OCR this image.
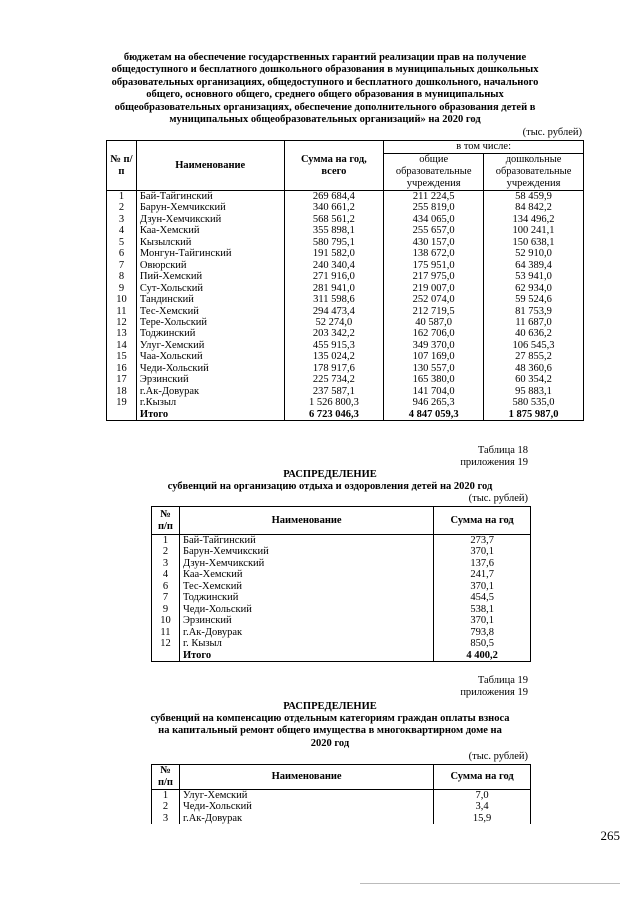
бюджетам на обеспечение государственных гарантий реализации прав на получение
общедоступного и бесплатного дошкольного образования в муниципальных дошкольных
образовательных организациях, общедоступного и бесплатного дошкольного, начального
общего, основного общего, среднего общего образования в муниципальных
общеобразовательных организациях, обеспечение дополнительного образования детей в
муниципальных общеобразовательных организаций» на 2020 год
(тыс. рублей)
№ п/п	Наименование	Сумма на год, всего	в том числе:	
			общие образовательные учреждения	дошкольные образовательные учреждения
1	Бай-Тайгинский	269 684,4	211 224,5	58 459,9
2	Барун-Хемчикский	340 661,2	255 819,0	84 842,2
3	Дзун-Хемчикский	568 561,2	434 065,0	134 496,2
4	Каа-Хемский	355 898,1	255 657,0	100 241,1
5	Кызылский	580 795,1	430 157,0	150 638,1
6	Монгун-Тайгинский	191 582,0	138 672,0	52 910,0
7	Овюрский	240 340,4	175 951,0	64 389,4
8	Пий-Хемский	271 916,0	217 975,0	53 941,0
9	Сут-Хольский	281 941,0	219 007,0	62 934,0
10	Тандинский	311 598,6	252 074,0	59 524,6
11	Тес-Хемский	294 473,4	212 719,5	81 753,9
12	Тере-Хольский	52 274,0	40 587,0	11 687,0
13	Тоджинский	203 342,2	162 706,0	40 636,2
14	Улуг-Хемский	455 915,3	349 370,0	106 545,3
15	Чаа-Хольский	135 024,2	107 169,0	27 855,2
16	Чеди-Хольский	178 917,6	130 557,0	48 360,6
17	Эрзинский	225 734,2	165 380,0	60 354,2
18	г.Ак-Довурак	237 587,1	141 704,0	95 883,1
19	г.Кызыл	1 526 800,3	946 265,3	580 535,0
	Итого	6 723 046,3	4 847 059,3	1 875 987,0
Таблица 18
приложения 19
РАСПРЕДЕЛЕНИЕ
субвенций на организацию отдыха и оздоровления детей на 2020 год
(тыс. рублей)
№ п/п	Наименование	Сумма на год
1	Бай-Тайгинский	273,7
2	Барун-Хемчикский	370,1
3	Дзун-Хемчикский	137,6
4	Каа-Хемский	241,7
6	Тес-Хемский	370,1
7	Тоджинский	454,5
9	Чеди-Хольский	538,1
10	Эрзинский	370,1
11	г.Ак-Довурак	793,8
12	г. Кызыл	850,5
	Итого	4 400,2
Таблица 19
приложения 19
РАСПРЕДЕЛЕНИЕ
субвенций на компенсацию отдельным категориям граждан оплаты взноса
на капитальный ремонт общего имущества в многоквартирном доме на
2020 год
(тыс. рублей)
№ п/п	Наименование	Сумма на год
1	Улуг-Хемский	7,0
2	Чеди-Хольский	3,4
3	г.Ак-Довурак	15,9
265
